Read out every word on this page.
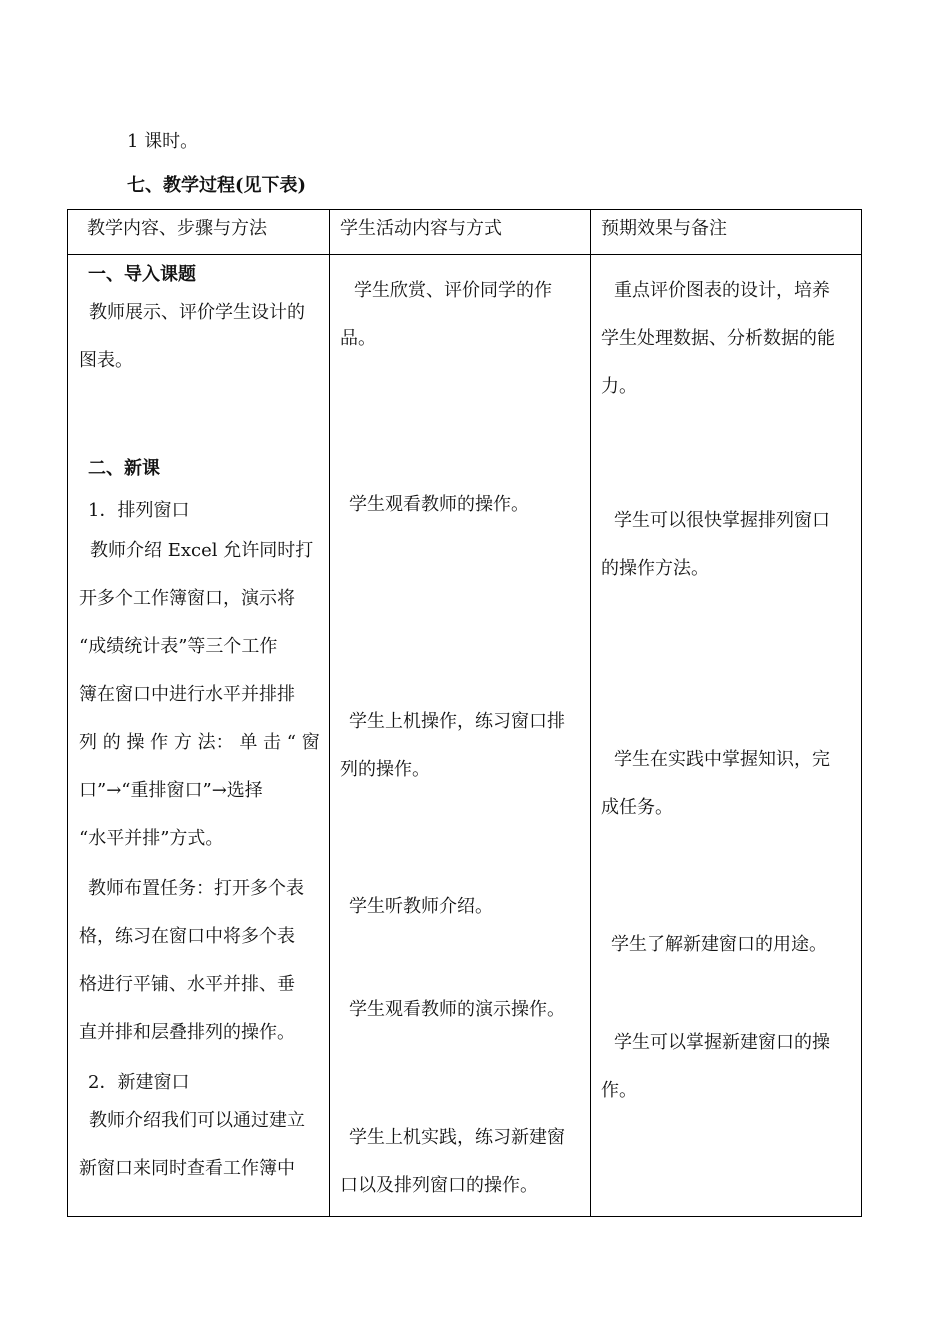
1 课时。
七、教学过程(见下表)
教学内容、步骤与方法	学生活动内容与方式	预期效果与备注
一、导入课题
教师展示、评价学生设计的
图表。
二、新课
1．排列窗口
教师介绍 Excel 允许同时打
开多个工作簿窗口，演示将
“成绩统计表”等三个工作
簿在窗口中进行水平并排排
列 的 操 作 方 法： 单 击 “ 窗
口”→“重排窗口”→选择
“水平并排”方式。
教师布置任务：打开多个表
格，练习在窗口中将多个表
格进行平铺、水平并排、垂
直并排和层叠排列的操作。
2．新建窗口
教师介绍我们可以通过建立
新窗口来同时查看工作簿中
学生欣赏、评价同学的作
品。
学生观看教师的操作。
学生上机操作，练习窗口排
列的操作。
学生听教师介绍。
学生观看教师的演示操作。
学生上机实践，练习新建窗
口以及排列窗口的操作。
重点评价图表的设计，培养
学生处理数据、分析数据的能
力。
学生可以很快掌握排列窗口
的操作方法。
学生在实践中掌握知识，完
成任务。
学生了解新建窗口的用途。
学生可以掌握新建窗口的操
作。
